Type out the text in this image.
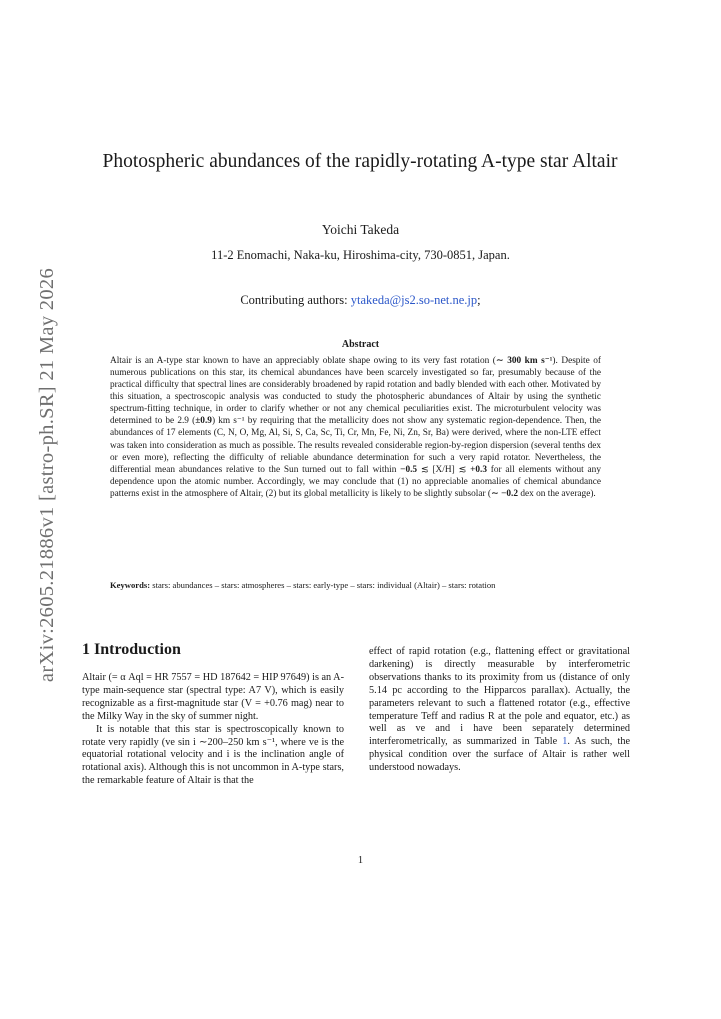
arXiv:2605.21886v1 [astro-ph.SR] 21 May 2026
Photospheric abundances of the rapidly-rotating A-type star Altair
Yoichi Takeda
11-2 Enomachi, Naka-ku, Hiroshima-city, 730-0851, Japan.
Contributing authors: ytakeda@js2.so-net.ne.jp;
Abstract

Altair is an A-type star known to have an appreciably oblate shape owing to its very fast rotation (∼ 300 km s⁻¹). Despite of numerous publications on this star, its chemical abundances have been scarcely investigated so far, presumably because of the practical difficulty that spectral lines are considerably broadened by rapid rotation and badly blended with each other. Motivated by this situation, a spectroscopic analysis was conducted to study the photospheric abundances of Altair by using the synthetic spectrum-fitting technique, in order to clarify whether or not any chemical peculiarities exist. The microturbulent velocity was determined to be 2.9 (±0.9) km s⁻¹ by requiring that the metallicity does not show any systematic region-dependence. Then, the abundances of 17 elements (C, N, O, Mg, Al, Si, S, Ca, Sc, Ti, Cr, Mn, Fe, Ni, Zn, Sr, Ba) were derived, where the non-LTE effect was taken into consideration as much as possible. The results revealed considerable region-by-region dispersion (several tenths dex or even more), reflecting the difficulty of reliable abundance determination for such a very rapid rotator. Nevertheless, the differential mean abundances relative to the Sun turned out to fall within −0.5 ≲ [X/H] ≲ +0.3 for all elements without any dependence upon the atomic number. Accordingly, we may conclude that (1) no appreciable anomalies of chemical abundance patterns exist in the atmosphere of Altair, (2) but its global metallicity is likely to be slightly subsolar (∼ −0.2 dex on the average).

Keywords: stars: abundances – stars: atmospheres – stars: early-type – stars: individual (Altair) – stars: rotation

1 Introduction

Altair (= α Aql = HR 7557 = HD 187642 = HIP 97649) is an A-type main-sequence star (spectral type: A7 V), which is easily recognizable as a first-magnitude star (V = +0.76 mag) near to the Milky Way in the sky of summer night.

It is notable that this star is spectroscopically known to rotate very rapidly (ve sin i ∼200–250 km s⁻¹, where ve is the equatorial rotational velocity and i is the inclination angle of rotational axis). Although this is not uncommon in A-type stars, the remarkable feature of Altair is that the

effect of rapid rotation (e.g., flattening effect or gravitational darkening) is directly measurable by interferometric observations thanks to its proximity from us (distance of only 5.14 pc according to the Hipparcos parallax). Actually, the parameters relevant to such a flattened rotator (e.g., effective temperature Teff and radius R at the pole and equator, etc.) as well as ve and i have been separately determined interferometrically, as summarized in Table 1. As such, the physical condition over the surface of Altair is rather well understood nowadays.

1
